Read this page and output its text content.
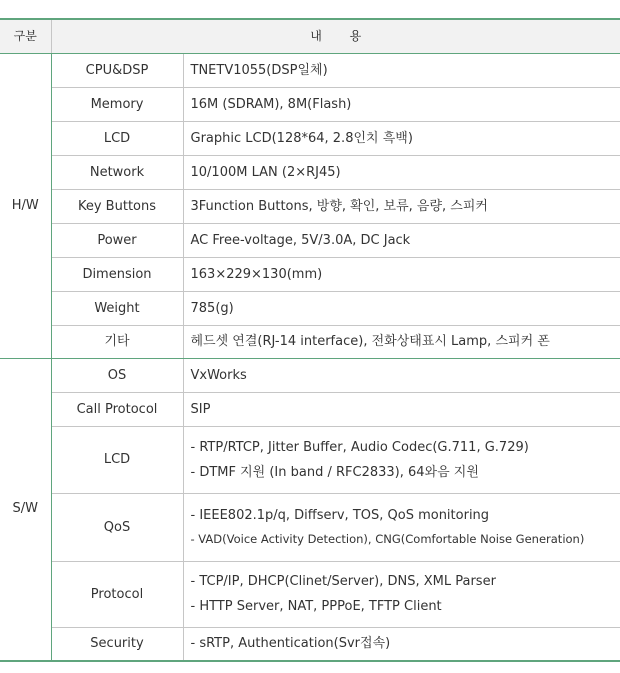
구분	내 용	
H/W	CPU&DSP	TNETV1055(DSP일체)

	Memory	16M (SDRAM), 8M(Flash)

	LCD	Graphic LCD(128*64, 2.8인치 흑백)

	Network	10/100M LAN (2×RJ45)

	Key Buttons	3Function Buttons, 방향, 확인, 보류, 음량, 스피커

	Power	AC Free-voltage, 5V/3.0A, DC Jack

	Dimension	163×229×130(mm)

	Weight	785(g)

	기타	헤드셋 연결(RJ-14 interface), 전화상태표시 Lamp, 스피커 폰

S/W	OS	VxWorks

	Call Protocol	SIP

	LCD	- RTP/RTCP, Jitter Buffer, Audio Codec(G.711, G.729)
- DTMF 지원 (In band / RFC2833), 64와음 지원

	QoS	- IEEE802.1p/q, Diffserv, TOS, QoS monitoring
- VAD(Voice Activity Detection), CNG(Comfortable Noise Generation)

	Protocol	- TCP/IP, DHCP(Clinet/Server), DNS, XML Parser
- HTTP Server, NAT, PPPoE, TFTP Client

	Security	- sRTP, Authentication(Svr접속)
